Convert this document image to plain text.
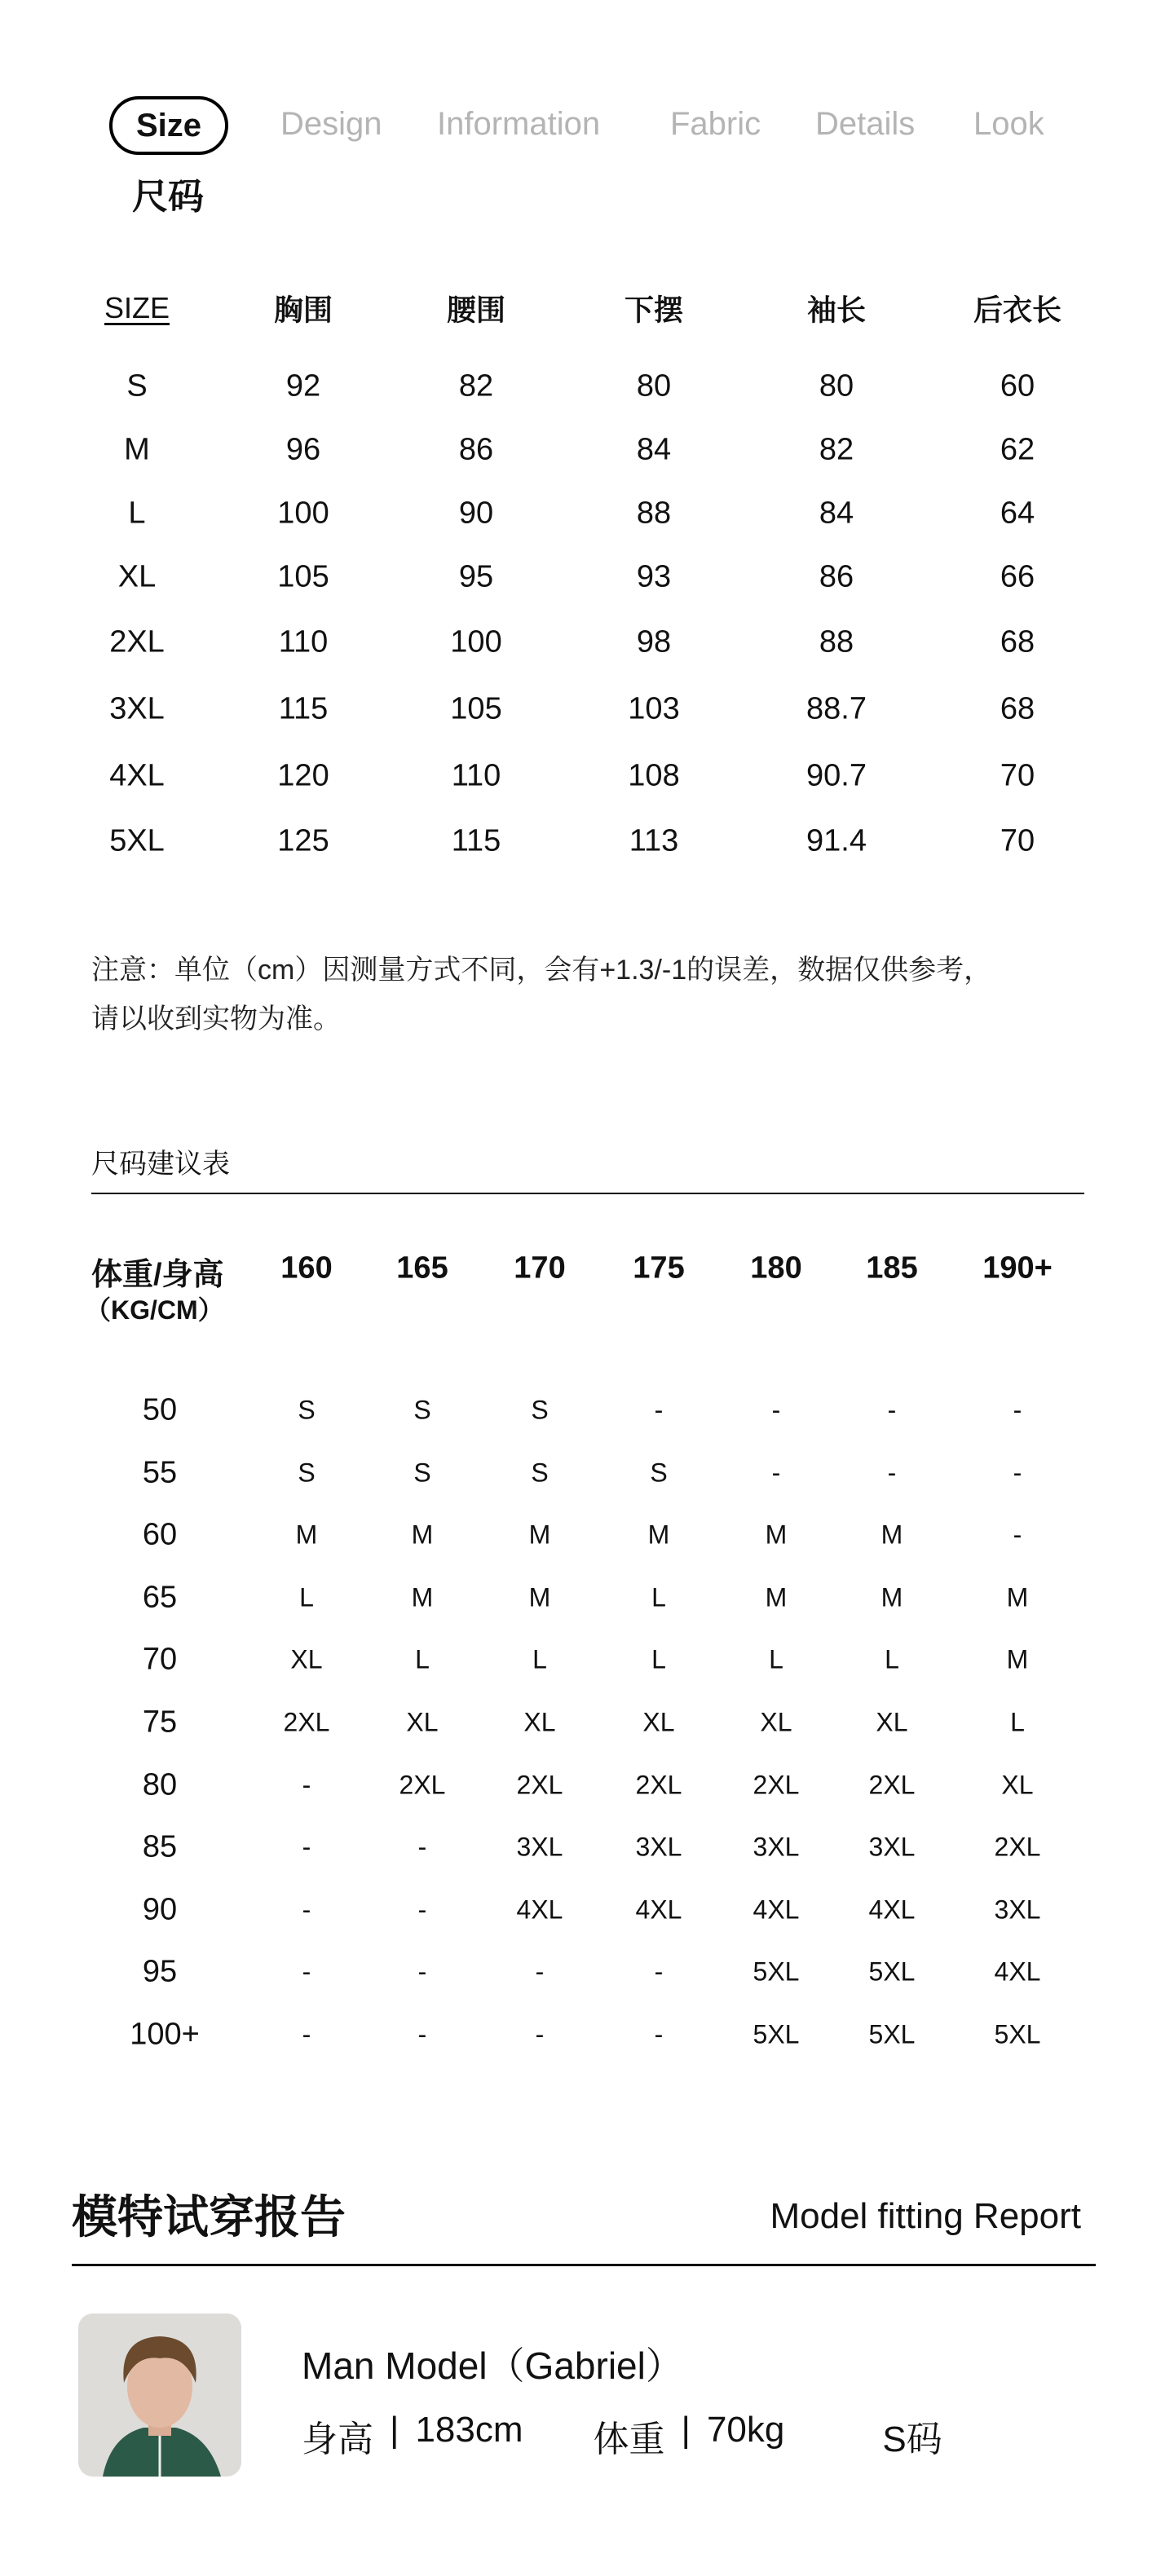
Size Design Information Fabric Details Look
尺码
SIZE	胸围	腰围	下摆	袖长	后衣长
S	92	82	80	80	60
M	96	86	84	82	62
L	100	90	88	84	64
XL	105	95	93	86	66
2XL	110	100	98	88	68
3XL	115	105	103	88.7	68
4XL	120	110	108	90.7	70
5XL	125	115	113	91.4	70
注意：单位（cm）因测量方式不同，会有+1.3/-1的误差，数据仅供参考，
请以收到实物为准。
尺码建议表
体重/身高
（KG/CM）
160 165 170 175 180 185 190+
50	S	S	S	-	-	-	-
55	S	S	S	S	-	-	-
60	M	M	M	M	M	M	-
65	L	M	M	L	M	M	M
70	XL	L	L	L	L	L	M
75	2XL	XL	XL	XL	XL	XL	L
80	-	2XL	2XL	2XL	2XL	2XL	XL
85	-	-	3XL	3XL	3XL	3XL	2XL
90	-	-	4XL	4XL	4XL	4XL	3XL
95	-	-	-	-	5XL	5XL	4XL
100+	-	-	-	-	5XL	5XL	5XL
模特试穿报告	Model fitting Report
Man Model（Gabriel）
身高 | 183cm 体重 | 70kg	S码
